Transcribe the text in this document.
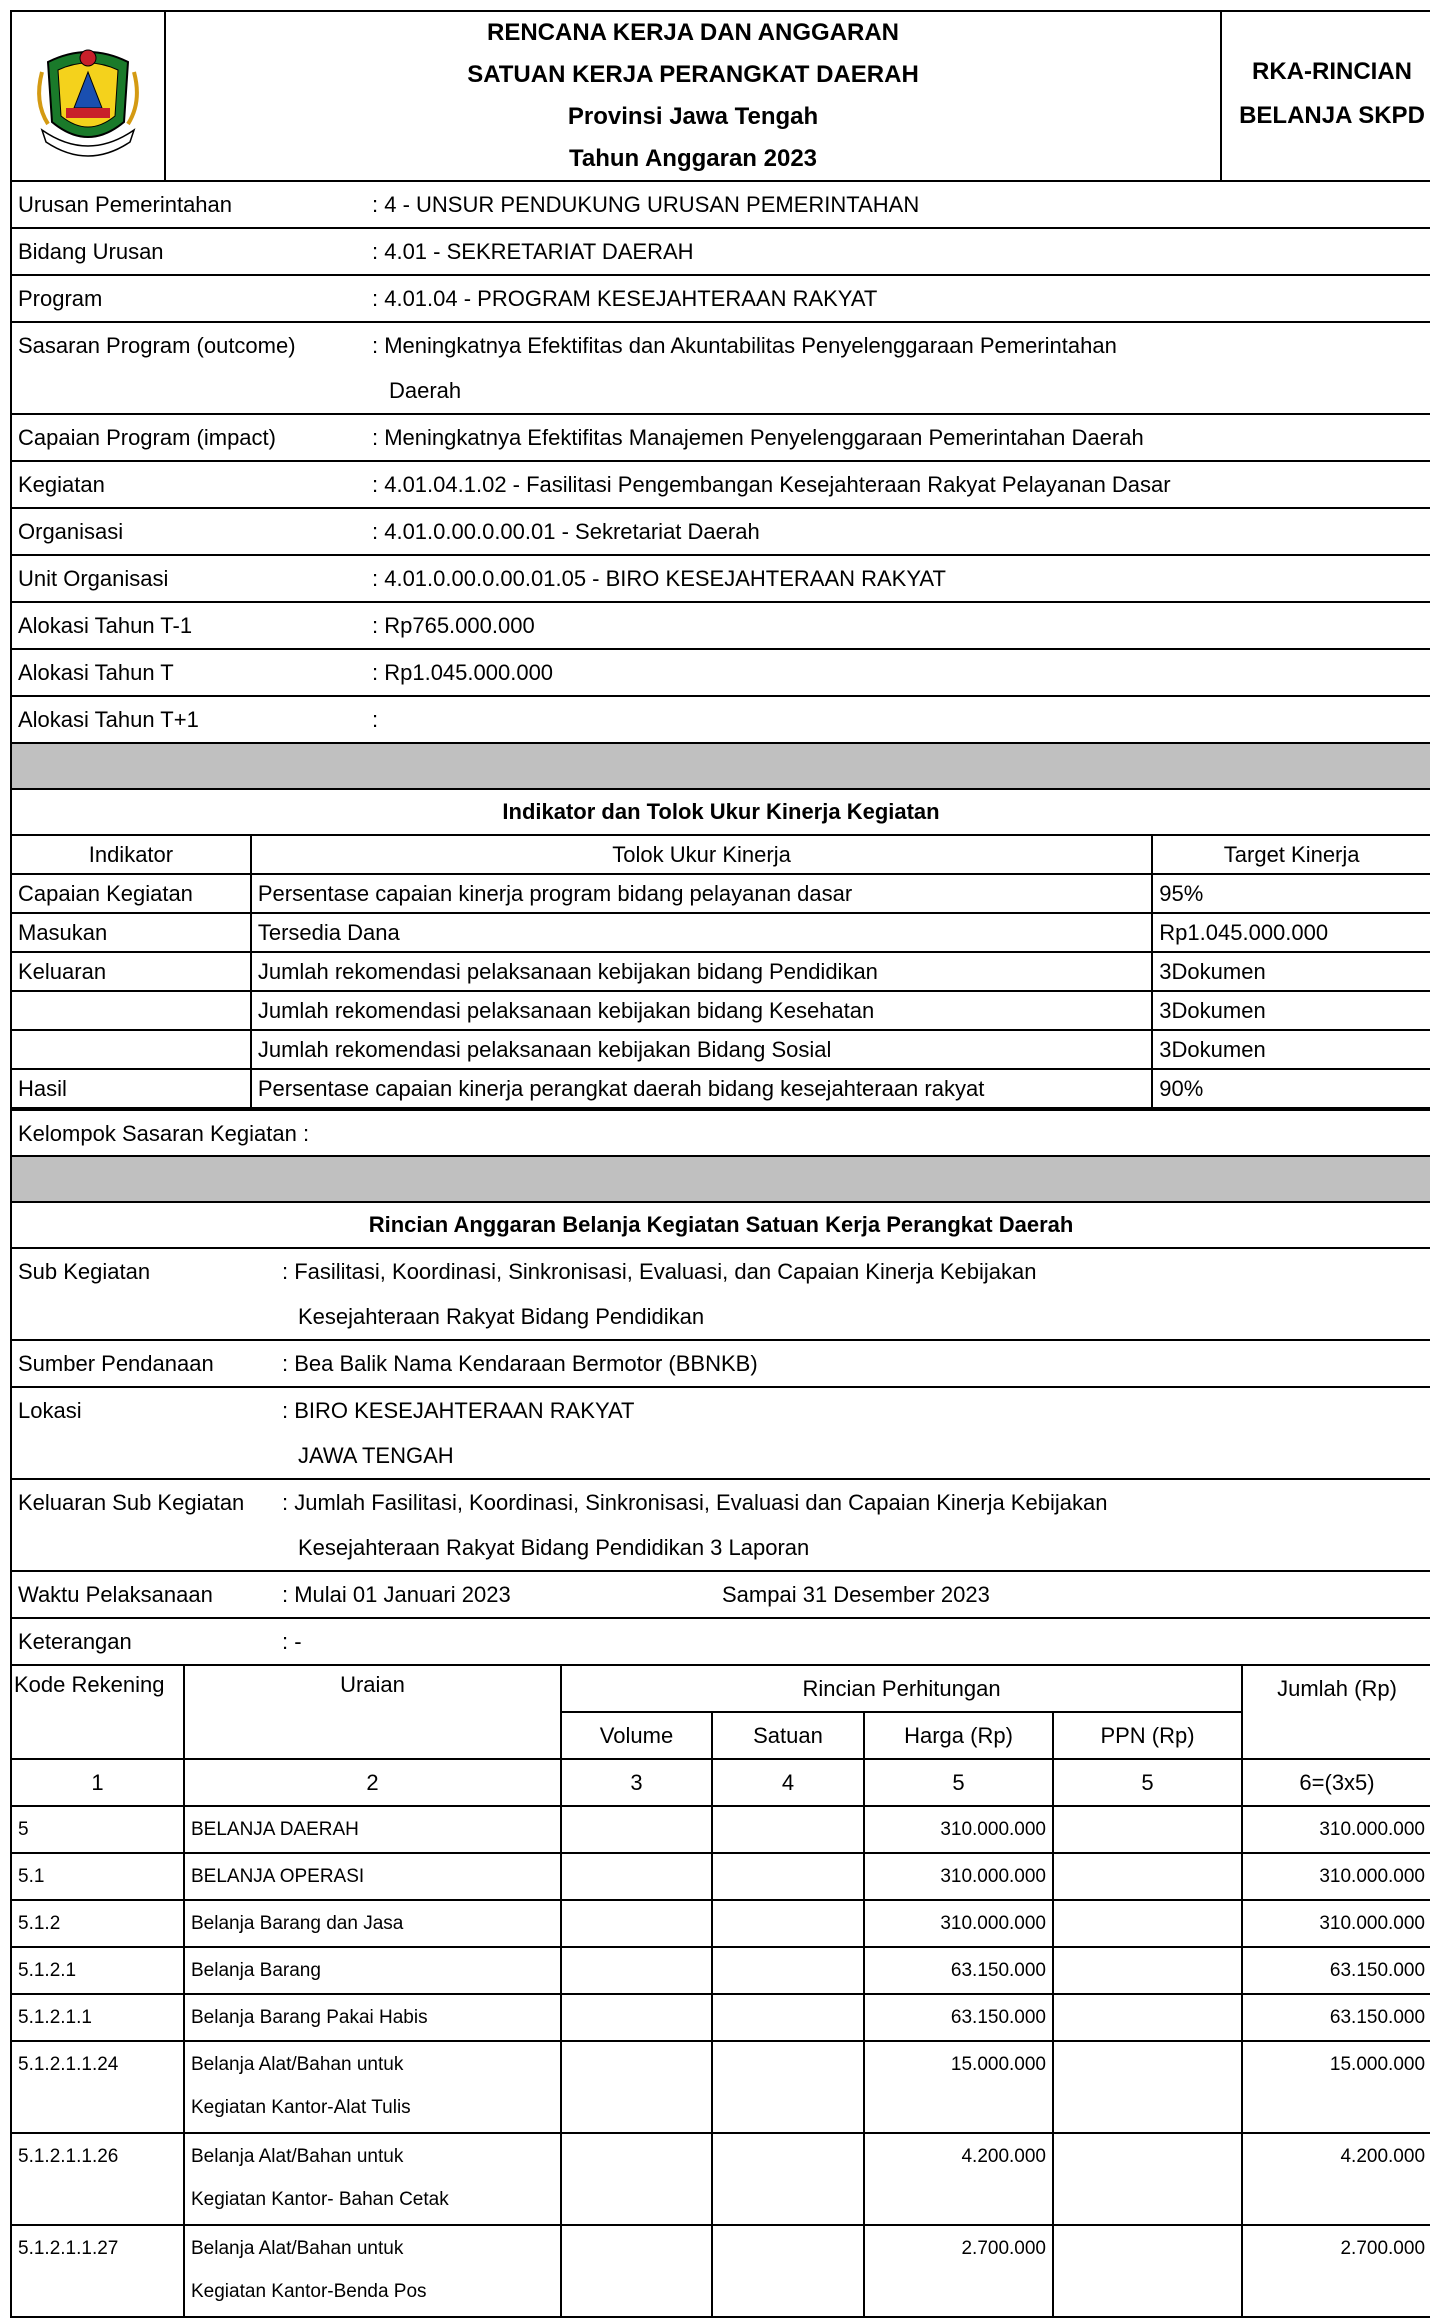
RENCANA KERJA DAN ANGGARAN
SATUAN KERJA PERANGKAT DAERAH
Provinsi Jawa Tengah
Tahun Anggaran 2023
RKA-RINCIAN
BELANJA SKPD
Urusan Pemerintahan	: 4 - UNSUR PENDUKUNG URUSAN PEMERINTAHAN
Bidang Urusan	: 4.01 - SEKRETARIAT DAERAH
Program	: 4.01.04 - PROGRAM KESEJAHTERAAN RAKYAT
Sasaran Program (outcome)	: Meningkatnya Efektifitas dan Akuntabilitas Penyelenggaraan Pemerintahan
Daerah
Capaian Program (impact)	: Meningkatnya Efektifitas Manajemen Penyelenggaraan Pemerintahan Daerah
Kegiatan	: 4.01.04.1.02 - Fasilitasi Pengembangan Kesejahteraan Rakyat Pelayanan Dasar
Organisasi	: 4.01.0.00.0.00.01 - Sekretariat Daerah
Unit Organisasi	: 4.01.0.00.0.00.01.05 - BIRO KESEJAHTERAAN RAKYAT
Alokasi Tahun T-1	: Rp765.000.000
Alokasi Tahun T	: Rp1.045.000.000
Alokasi Tahun T+1	:
Indikator dan Tolok Ukur Kinerja Kegiatan
Indikator	Tolok Ukur Kinerja	Target Kinerja
Capaian Kegiatan	Persentase capaian kinerja program bidang pelayanan dasar	95%
Masukan	Tersedia Dana	Rp1.045.000.000
Keluaran	Jumlah rekomendasi pelaksanaan kebijakan bidang Pendidikan	3Dokumen
	Jumlah rekomendasi pelaksanaan kebijakan bidang Kesehatan	3Dokumen
	Jumlah rekomendasi pelaksanaan kebijakan Bidang Sosial	3Dokumen
Hasil	Persentase capaian kinerja perangkat daerah bidang kesejahteraan rakyat	90%
Kelompok Sasaran Kegiatan :
Rincian Anggaran Belanja Kegiatan Satuan Kerja Perangkat Daerah
Sub Kegiatan	: Fasilitasi, Koordinasi, Sinkronisasi, Evaluasi, dan Capaian Kinerja Kebijakan
Kesejahteraan Rakyat Bidang Pendidikan
Sumber Pendanaan	: Bea Balik Nama Kendaraan Bermotor (BBNKB)
Lokasi	: BIRO KESEJAHTERAAN RAKYAT
JAWA TENGAH
Keluaran Sub Kegiatan : Jumlah Fasilitasi, Koordinasi, Sinkronisasi, Evaluasi dan Capaian Kinerja Kebijakan
Kesejahteraan Rakyat Bidang Pendidikan 3 Laporan
Waktu Pelaksanaan	: Mulai 01 Januari 2023	Sampai 31 Desember 2023
Keterangan	: -
Kode Rekening	Uraian	Rincian Perhitungan				Jumlah (Rp)
		Volume	Satuan	Harga (Rp)	PPN (Rp)	
1	2	3	4	5	5	6=(3x5)
5	BELANJA DAERAH			310.000.000		310.000.000
5.1	BELANJA OPERASI			310.000.000		310.000.000
5.1.2	Belanja Barang dan Jasa			310.000.000		310.000.000
5.1.2.1	Belanja Barang			63.150.000		63.150.000
5.1.2.1.1	Belanja Barang Pakai Habis			63.150.000		63.150.000

5.1.2.1.1.24	Belanja Alat/Bahan untuk
Kegiatan Kantor-Alat Tulis			15.000.000		15.000.000

5.1.2.1.1.26	Belanja Alat/Bahan untuk
Kegiatan Kantor- Bahan Cetak			4.200.000		4.200.000

5.1.2.1.1.27	Belanja Alat/Bahan untuk
Kegiatan Kantor-Benda Pos			2.700.000		2.700.000
